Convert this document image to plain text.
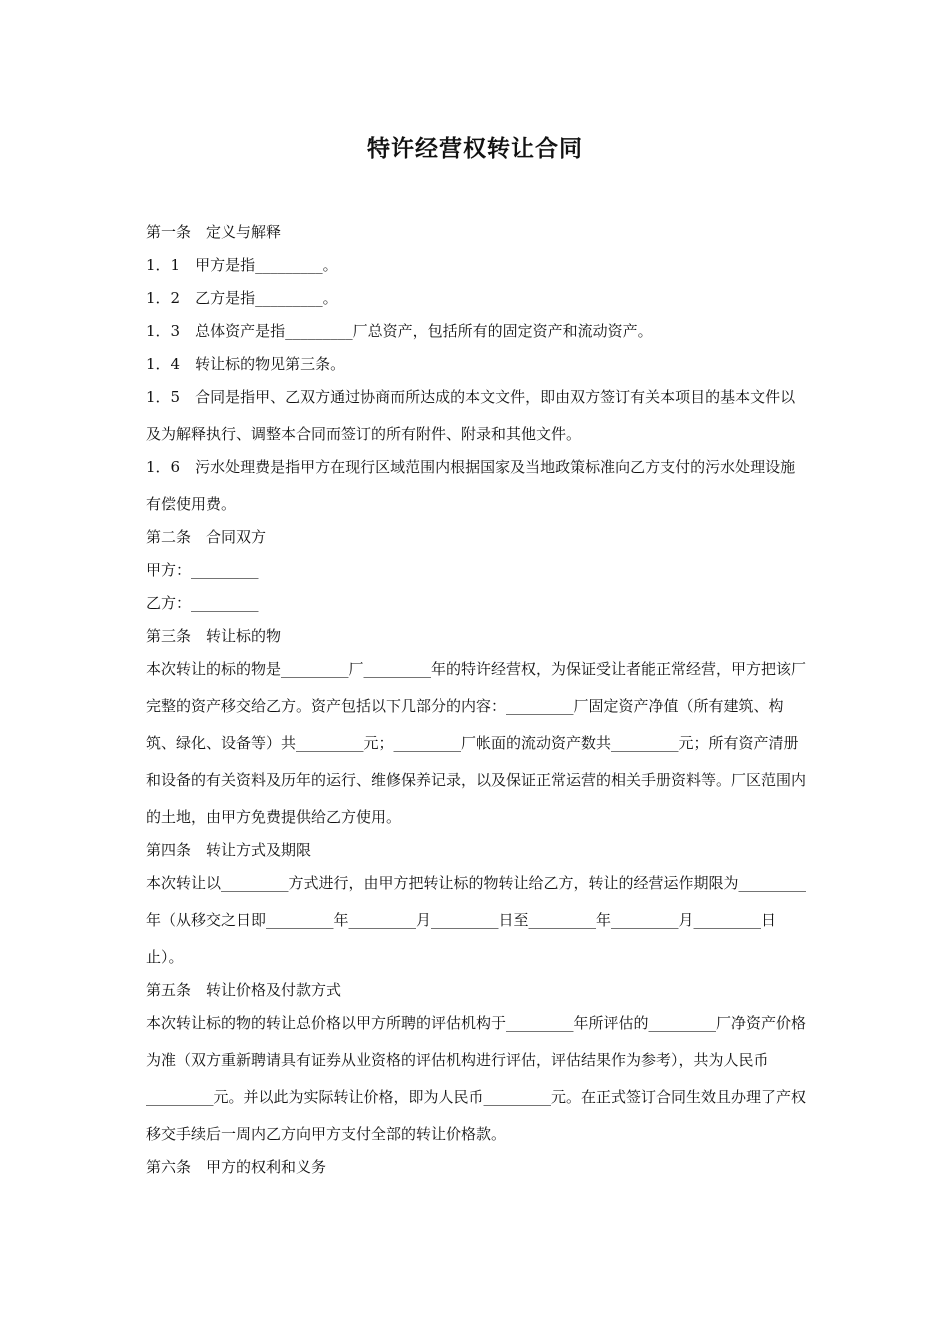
特许经营权转让合同
第一条　定义与解释
1．1　甲方是指_________。
1．2　乙方是指_________。
1．3　总体资产是指_________厂总资产，包括所有的固定资产和流动资产。
1．4　转让标的物见第三条。
1．5　合同是指甲、乙双方通过协商而所达成的本文文件，即由双方签订有关本项目的基本文件以及为解释执行、调整本合同而签订的所有附件、附录和其他文件。
1．6　污水处理费是指甲方在现行区域范围内根据国家及当地政策标准向乙方支付的污水处理设施有偿使用费。
第二条　合同双方
甲方：_________
乙方：_________
第三条　转让标的物
本次转让的标的物是_________厂_________年的特许经营权，为保证受让者能正常经营，甲方把该厂完整的资产移交给乙方。资产包括以下几部分的内容：_________厂固定资产净值（所有建筑、构筑、绿化、设备等）共_________元；_________厂帐面的流动资产数共_________元；所有资产清册和设备的有关资料及历年的运行、维修保养记录，以及保证正常运营的相关手册资料等。厂区范围内的土地，由甲方免费提供给乙方使用。
第四条　转让方式及期限
本次转让以_________方式进行，由甲方把转让标的物转让给乙方，转让的经营运作期限为_________年（从移交之日即_________年_________月_________日至_________年_________月_________日止）。
第五条　转让价格及付款方式
本次转让标的物的转让总价格以甲方所聘的评估机构于_________年所评估的_________厂净资产价格为准（双方重新聘请具有证券从业资格的评估机构进行评估，评估结果作为参考），共为人民币_________元。并以此为实际转让价格，即为人民币_________元。在正式签订合同生效且办理了产权移交手续后一周内乙方向甲方支付全部的转让价格款。
第六条　甲方的权利和义务
